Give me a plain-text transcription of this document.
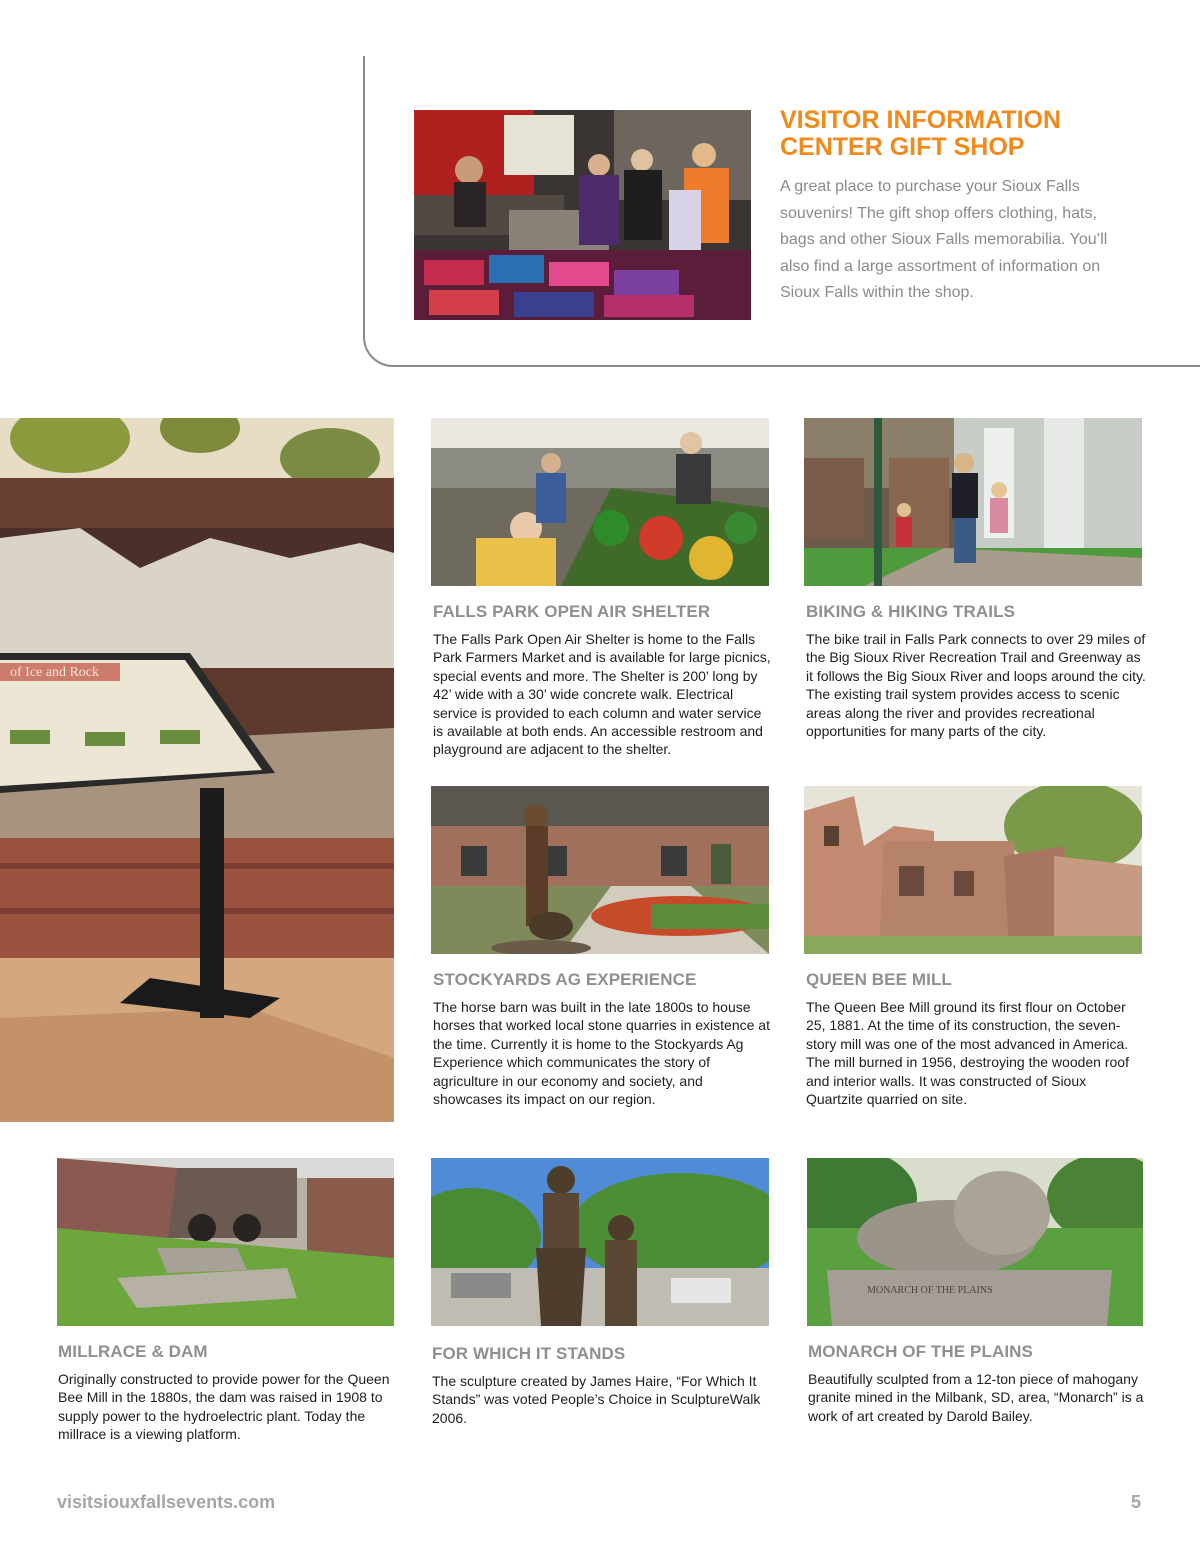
VISITOR INFORMATION CENTER GIFT SHOP

A great place to purchase your Sioux Falls souvenirs! The gift shop offers clothing, hats, bags and other Sioux Falls memorabilia. You’ll also find a large assortment of information on Sioux Falls within the shop.

of Ice and Rock
FALLS PARK OPEN AIR SHELTER

The Falls Park Open Air Shelter is home to the Falls Park Farmers Market and is available for large picnics, special events and more. The Shelter is 200’ long by 42’ wide with a 30’ wide concrete walk. Electrical service is provided to each column and water service is available at both ends. An accessible restroom and playground are adjacent to the shelter.

BIKING & HIKING TRAILS

The bike trail in Falls Park connects to over 29 miles of the Big Sioux River Recreation Trail and Greenway as it follows the Big Sioux River and loops around the city. The existing trail system provides access to scenic areas along the river and provides recreational opportunities for many parts of the city.

STOCKYARDS AG EXPERIENCE

The horse barn was built in the late 1800s to house horses that worked local stone quarries in existence at the time. Currently it is home to the Stockyards Ag Experience which communicates the story of agriculture in our economy and society, and showcases its impact on our region.

QUEEN BEE MILL

The Queen Bee Mill ground its first flour on October 25, 1881. At the time of its construction, the seven-story mill was one of the most advanced in America. The mill burned in 1956, destroying the wooden roof and interior walls. It was constructed of Sioux Quartzite quarried on site.

MILLRACE & DAM

Originally constructed to provide power for the Queen Bee Mill in the 1880s, the dam was raised in 1908 to supply power to the hydroelectric plant. Today the millrace is a viewing platform.

FOR WHICH IT STANDS

The sculpture created by James Haire, “For Which It Stands” was voted People’s Choice in SculptureWalk 2006.

MONARCH OF THE PLAINS
MONARCH OF THE PLAINS

Beautifully sculpted from a 12-ton piece of mahogany granite mined in the Milbank, SD, area, “Monarch” is a work of art created by Darold Bailey.

visitsiouxfallsevents.com	5
